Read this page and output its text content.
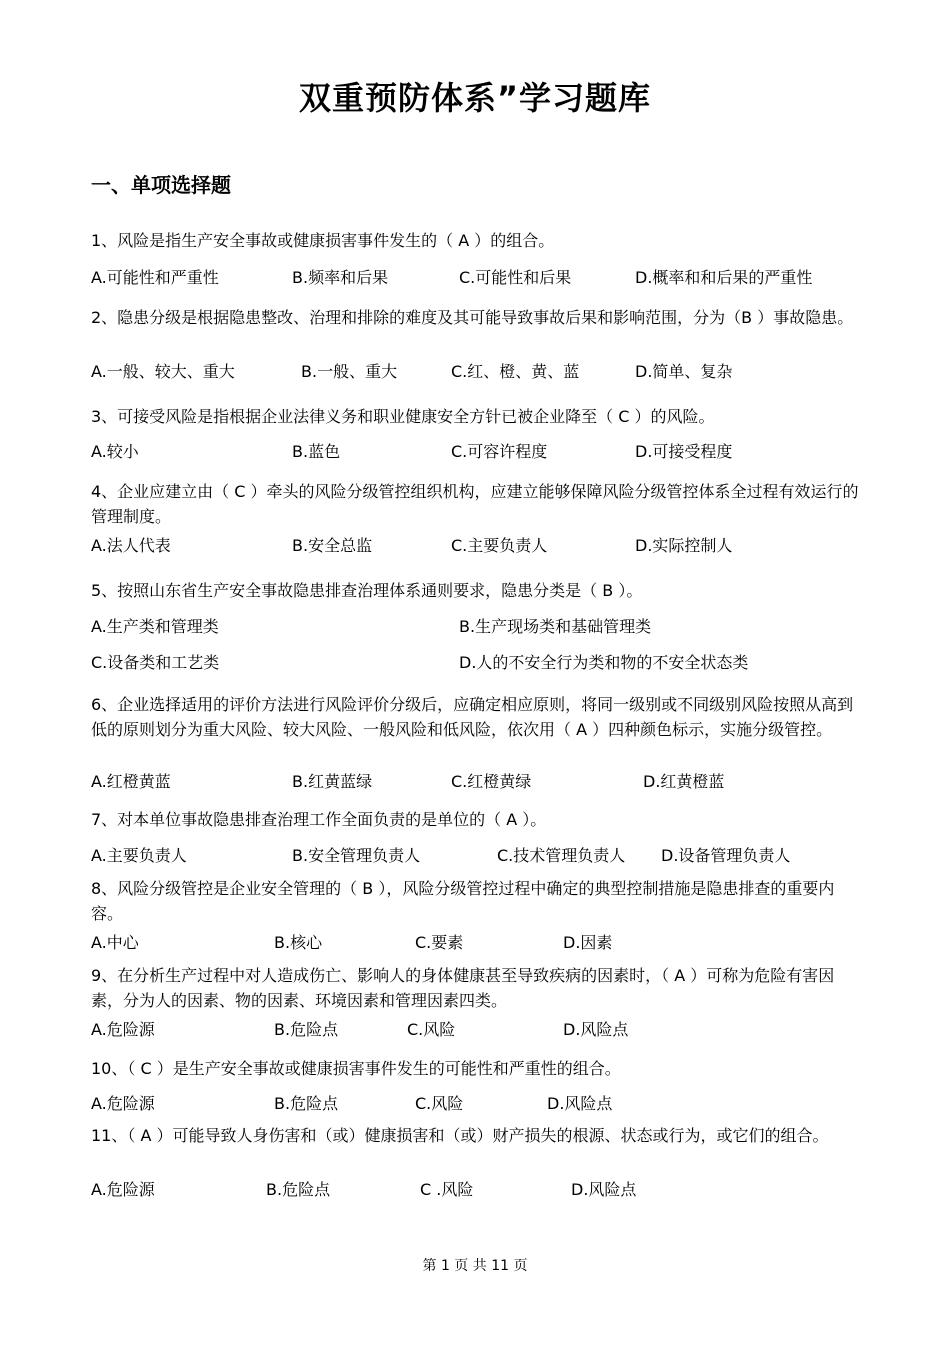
双重预防体系”学习题库
一、单项选择题
1、风险是指生产安全事故或健康损害事件发生的（ A ）的组合。
A.可能性和严重性	B.频率和后果	C.可能性和后果	D.概率和和后果的严重性
2、隐患分级是根据隐患整改、治理和排除的难度及其可能导致事故后果和影响范围，分为（B ）事故隐患。
A.一般、较大、重大	B.一般、重大	C.红、橙、黄、蓝	D.简单、复杂
3、可接受风险是指根据企业法律义务和职业健康安全方针已被企业降至（ C ）的风险。
A.较小	B.蓝色	C.可容许程度	D.可接受程度
4、企业应建立由（ C ）牵头的风险分级管控组织机构，应建立能够保障风险分级管控体系全过程有效运行的管理制度。
A.法人代表	B.安全总监	C.主要负责人	D.实际控制人
5、按照山东省生产安全事故隐患排查治理体系通则要求，隐患分类是（ B ）。
A.生产类和管理类	B.生产现场类和基础管理类
C.设备类和工艺类	D.人的不安全行为类和物的不安全状态类
6、企业选择适用的评价方法进行风险评价分级后，应确定相应原则，将同一级别或不同级别风险按照从高到低的原则划分为重大风险、较大风险、一般风险和低风险，依次用（ A ）四种颜色标示，实施分级管控。
A.红橙黄蓝	B.红黄蓝绿	C.红橙黄绿	D.红黄橙蓝
7、对本单位事故隐患排查治理工作全面负责的是单位的（ A ）。
A.主要负责人	B.安全管理负责人	C.技术管理负责人 D.设备管理负责人
8、风险分级管控是企业安全管理的（ B ），风险分级管控过程中确定的典型控制措施是隐患排查的重要内容。
A.中心	B.核心	C.要素	D.因素
9、在分析生产过程中对人造成伤亡、影响人的身体健康甚至导致疾病的因素时，（ A ）可称为危险有害因素，分为人的因素、物的因素、环境因素和管理因素四类。
A.危险源	B.危险点	C.风险	D.风险点
10、（ C ）是生产安全事故或健康损害事件发生的可能性和严重性的组合。
A.危险源	B.危险点	C.风险	D.风险点
11、（ A ）可能导致人身伤害和（或）健康损害和（或）财产损失的根源、状态或行为，或它们的组合。
A.危险源	B.危险点	C .风险	D.风险点
第 1 页 共 11 页
